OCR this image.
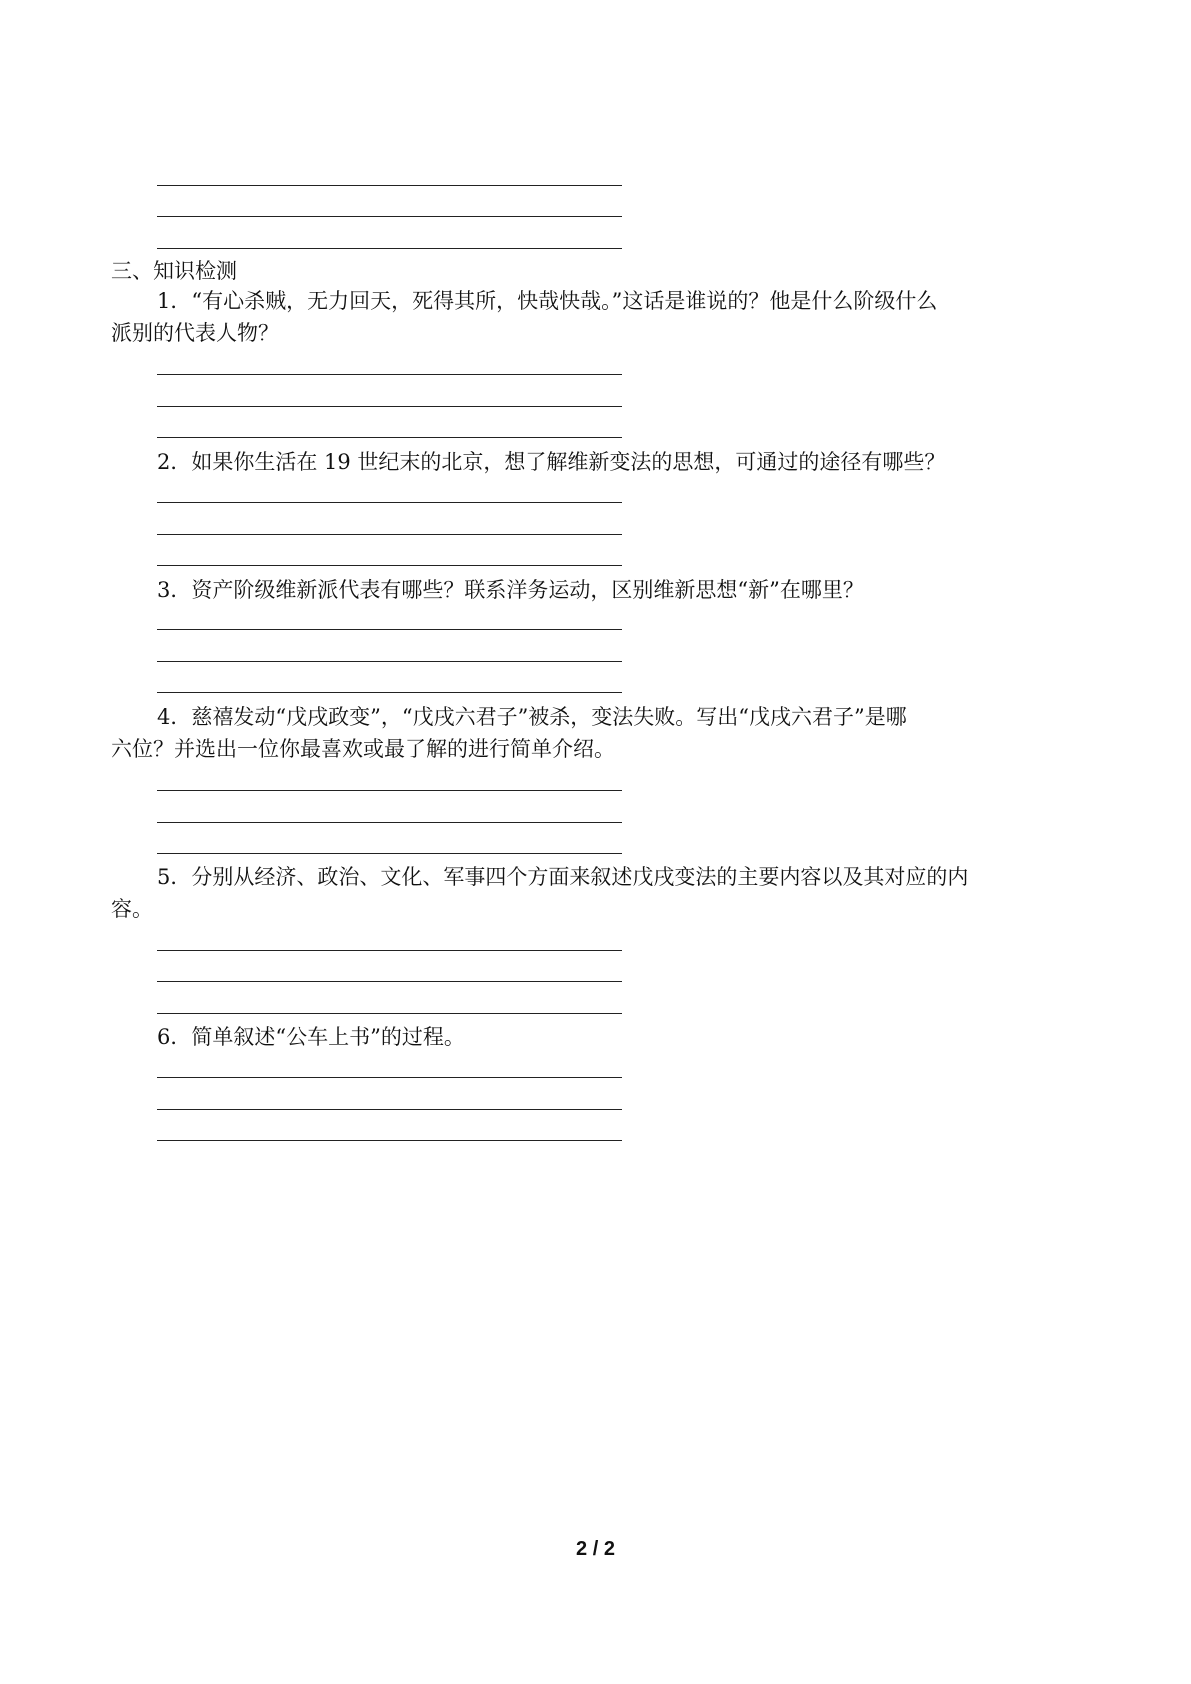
三、知识检测
1．“有心杀贼，无力回天，死得其所，快哉快哉。”这话是谁说的？他是什么阶级什么
派别的代表人物？
2．如果你生活在 19 世纪末的北京，想了解维新变法的思想，可通过的途径有哪些？
3．资产阶级维新派代表有哪些？联系洋务运动，区别维新思想“新”在哪里？
4．慈禧发动“戊戌政变”，“戊戌六君子”被杀，变法失败。写出“戊戌六君子”是哪
六位？并选出一位你最喜欢或最了解的进行简单介绍。
5．分别从经济、政治、文化、军事四个方面来叙述戊戌变法的主要内容以及其对应的内
容。
6．简单叙述“公车上书”的过程。
2 / 2
